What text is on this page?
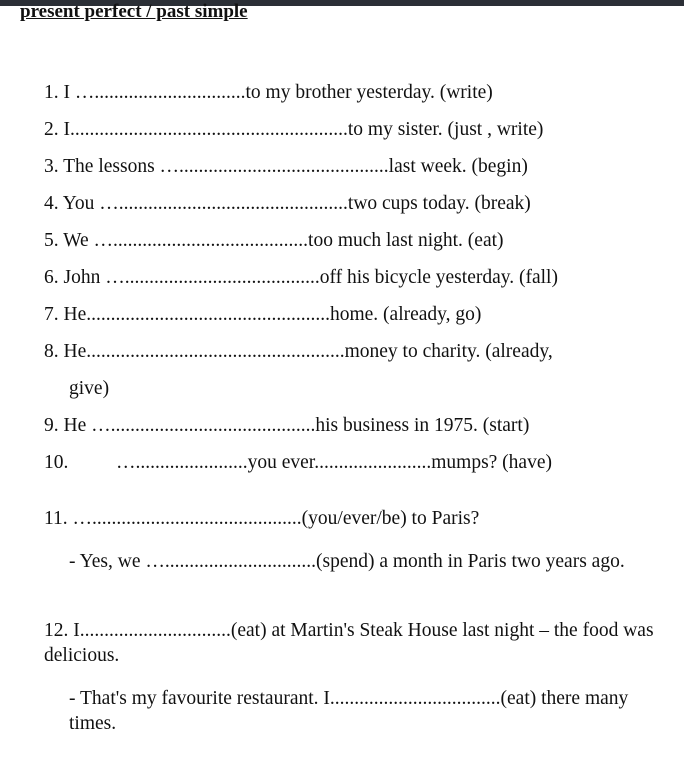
present perfect / past simple
1. I …...............................to my brother yesterday. (write)
2. I.........................................................to my sister. (just , write)
3. The lessons …...........................................last week. (begin)
4. You …...............................................two cups today. (break)
5. We …........................................too much last night. (eat)
6. John …........................................off his bicycle yesterday. (fall)
7. He..................................................home. (already, go)
8. He.....................................................money to charity. (already,
give)
9. He …..........................................his business in 1975. (start)
10. ….......................you ever........................mumps? (have)
11. …...........................................(you/ever/be) to Paris?
- Yes, we …...............................(spend) a month in Paris two years ago.
12. I...............................(eat) at Martin's Steak House last night – the food was delicious.
- That's my favourite restaurant. I...................................(eat) there many times.
